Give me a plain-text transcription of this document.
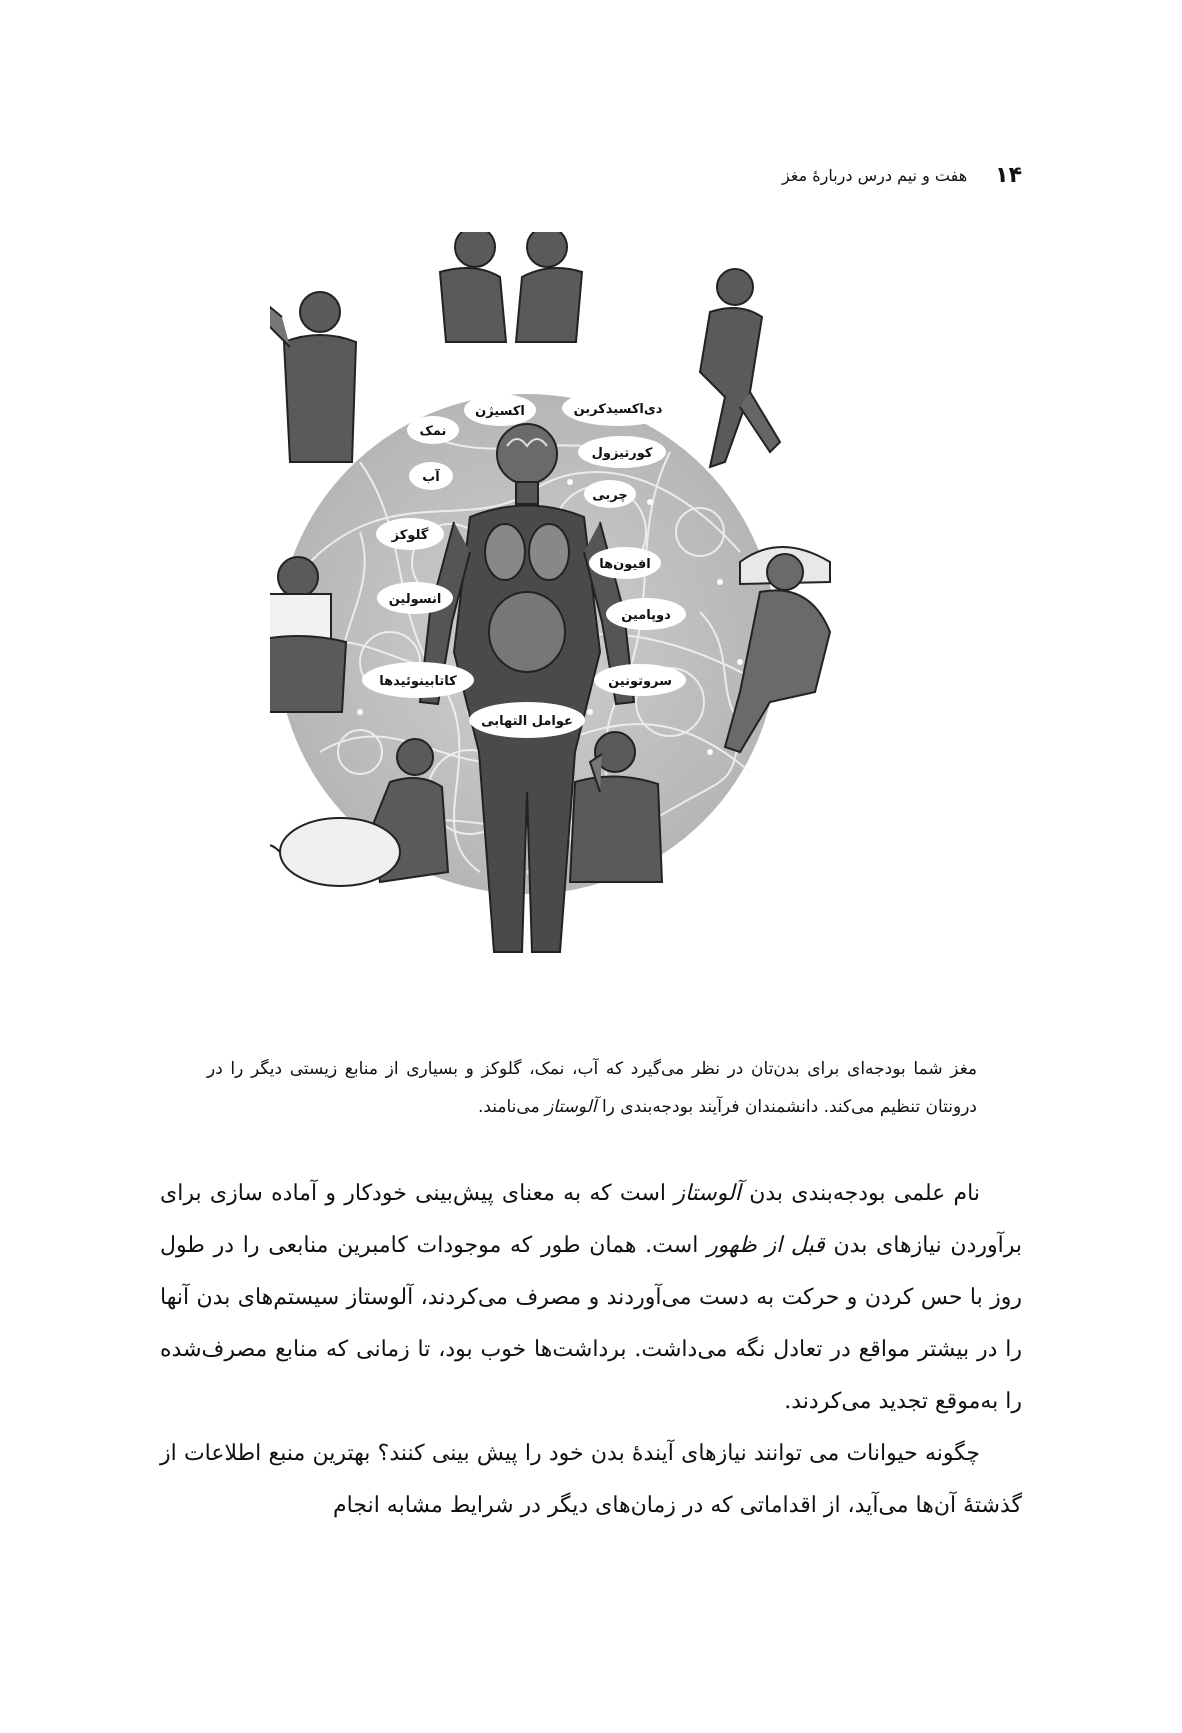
۱۴
هفت و نیم درس دربارهٔ مغز
دی‌اکسیدکربن
اکسیژن
نمک
کورتیزول
آب
چربی
گلوکز
افیون‌ها
انسولین
دوپامین
کاتابینوئیدها	سروتونین
عوامل التهابی
مغز شما بودجه‌ای برای بدن‌تان در نظر می‌گیرد که آب، نمک، گلوکز و بسیاری از منابع زیستی دیگر را در درونتان تنظیم می‌کند. دانشمندان فرآیند بودجه‌بندی را آلوستاز می‌نامند.

نام علمی بودجه‌بندی بدن آلوستاز است که به معنای پیش‌بینی خودکار و آماده سازی برای برآوردن نیازهای بدن قبل از ظهور است. همان طور که موجودات کامبرین منابعی را در طول روز با حس کردن و حرکت به دست می‌آوردند و مصرف می‌کردند، آلوستاز سیستم‌های بدن آنها را در بیشتر مواقع در تعادل نگه می‌داشت. برداشت‌ها خوب بود، تا زمانی که منابع مصرف‌شده را به‌موقع تجدید می‌کردند.

چگونه حیوانات می توانند نیازهای آیندهٔ بدن خود را پیش بینی کنند؟ بهترین منبع اطلاعات از گذشتهٔ آن‌ها می‌آید، از اقداماتی که در زمان‌های دیگر در شرایط مشابه انجام
